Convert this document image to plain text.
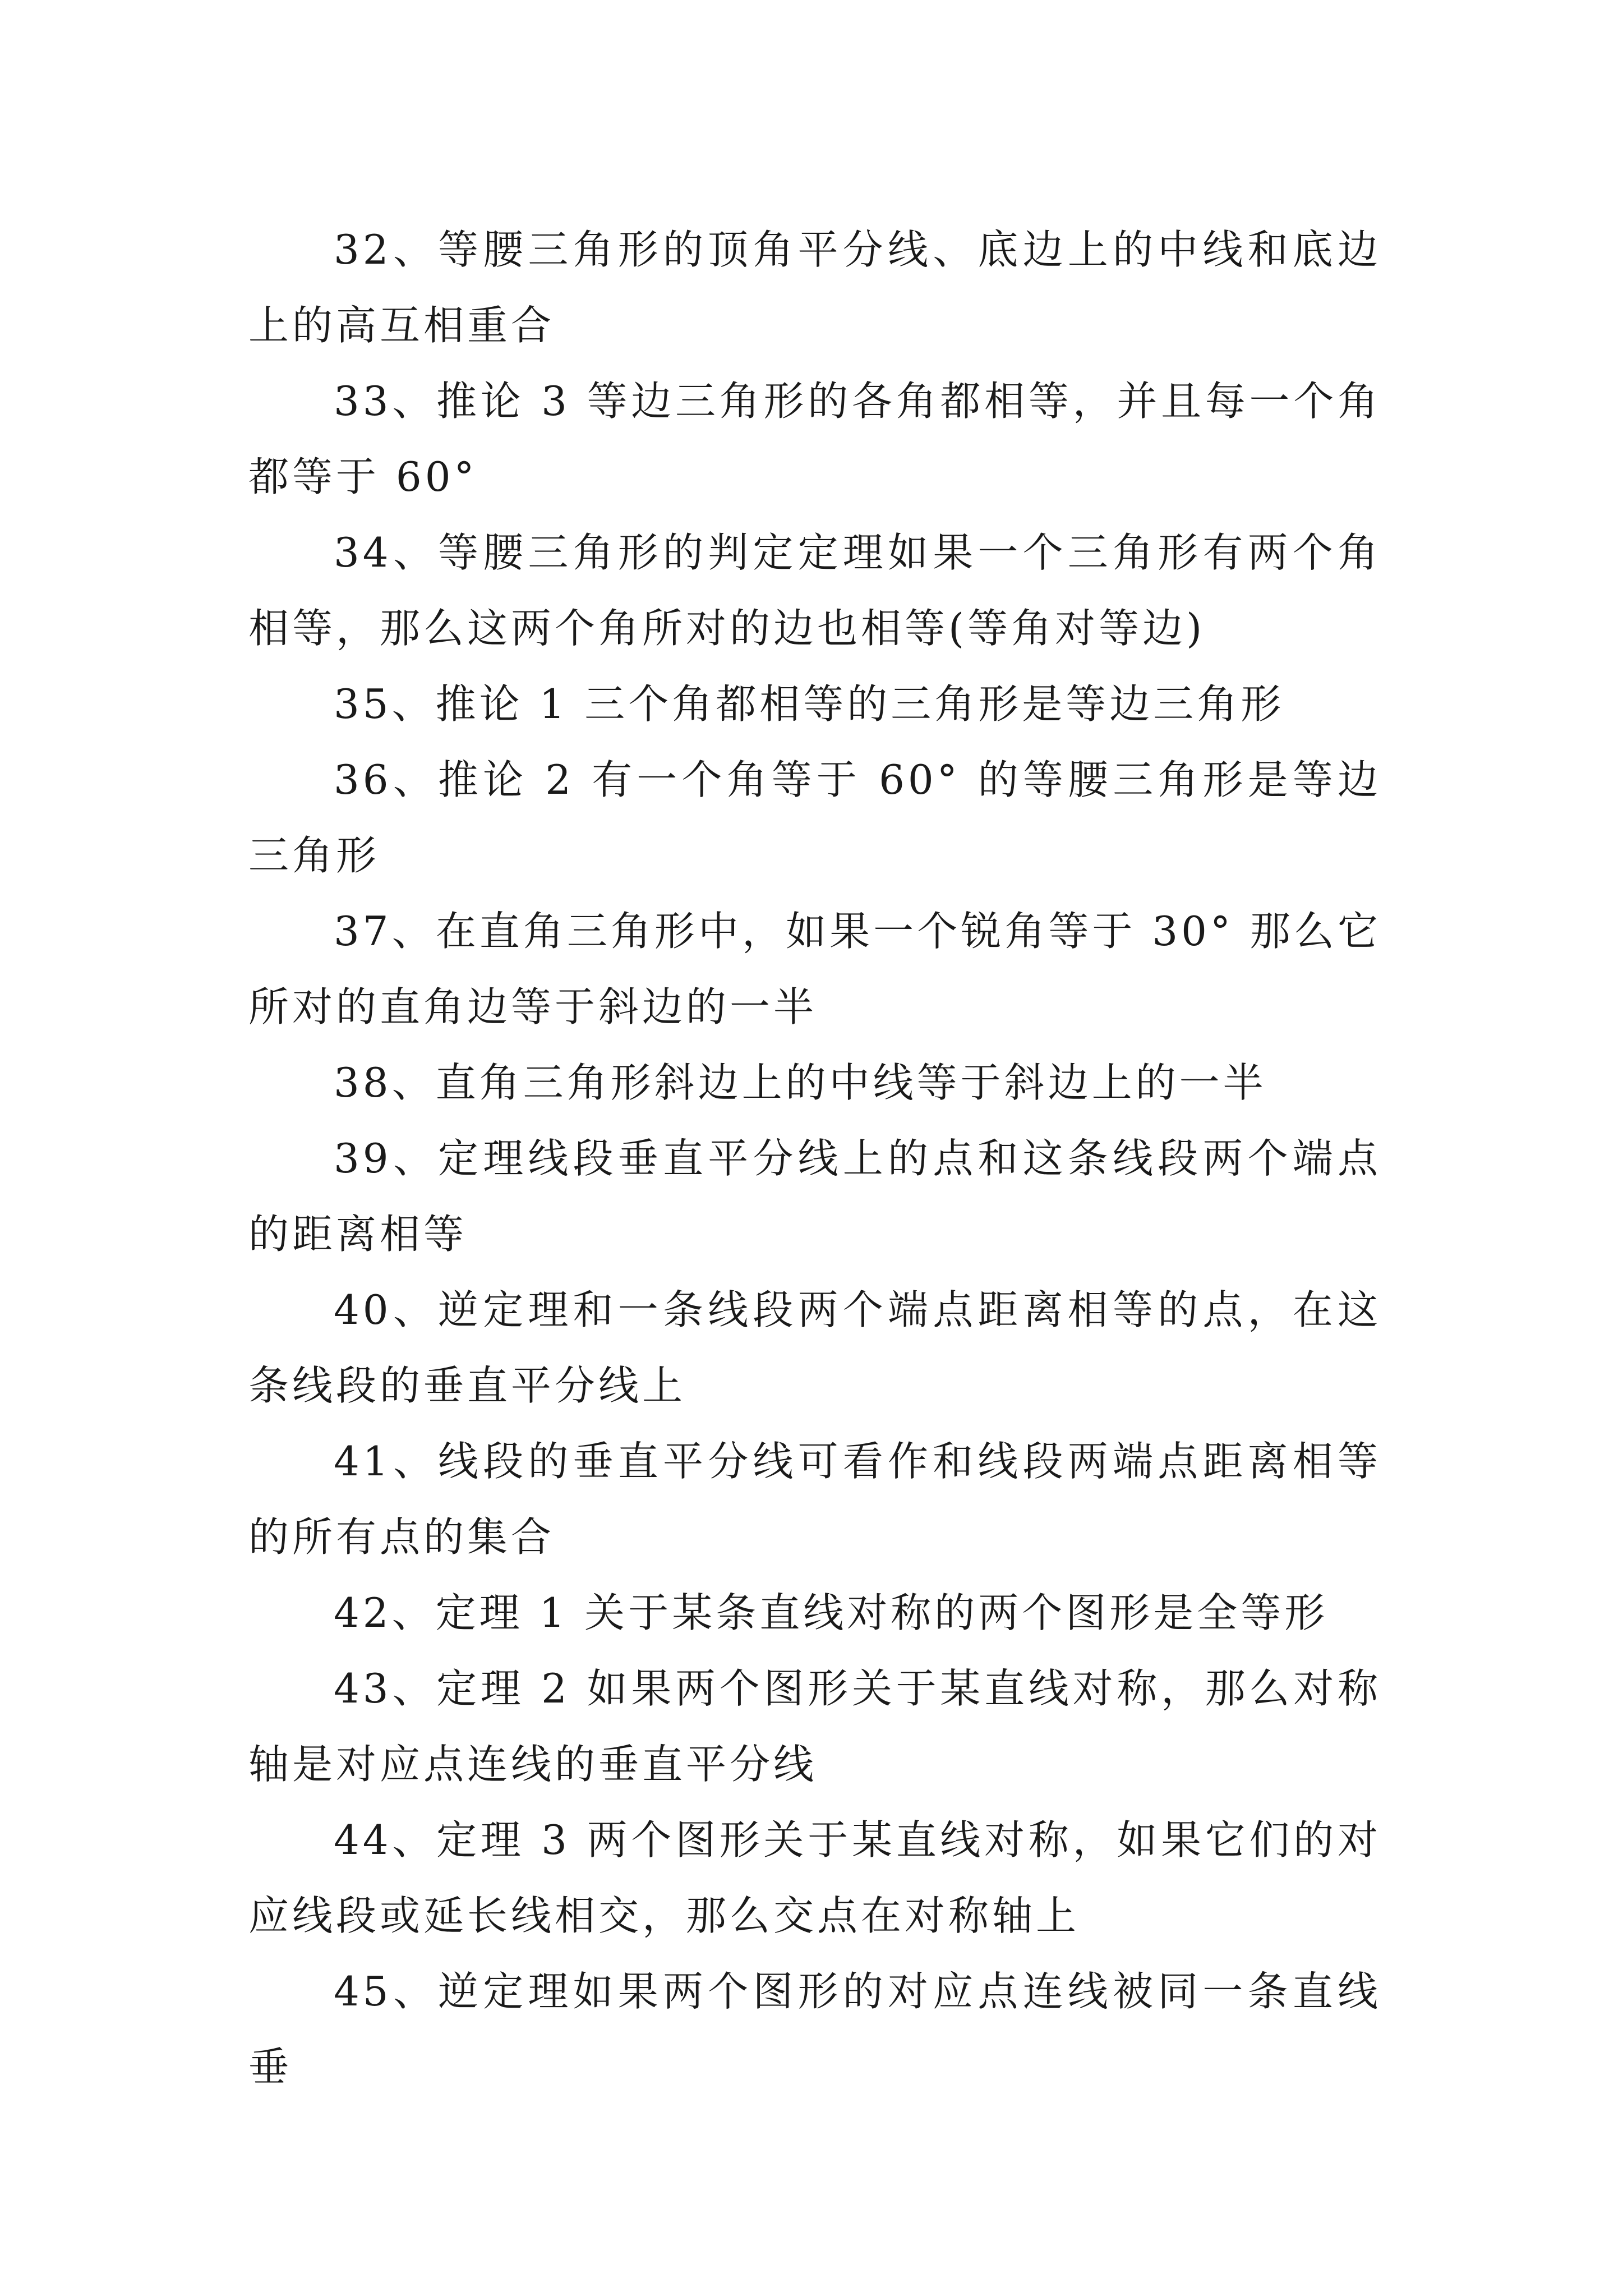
32、等腰三角形的顶角平分线、底边上的中线和底边上的高互相重合

33、推论 3 等边三角形的各角都相等，并且每一个角都等于 60°

34、等腰三角形的判定定理如果一个三角形有两个角相等，那么这两个角所对的边也相等(等角对等边)

35、推论 1 三个角都相等的三角形是等边三角形

36、推论 2 有一个角等于 60° 的等腰三角形是等边三角形

37、在直角三角形中，如果一个锐角等于 30° 那么它所对的直角边等于斜边的一半

38、直角三角形斜边上的中线等于斜边上的一半

39、定理线段垂直平分线上的点和这条线段两个端点的距离相等

40、逆定理和一条线段两个端点距离相等的点，在这条线段的垂直平分线上

41、线段的垂直平分线可看作和线段两端点距离相等的所有点的集合

42、定理 1 关于某条直线对称的两个图形是全等形

43、定理 2 如果两个图形关于某直线对称，那么对称轴是对应点连线的垂直平分线

44、定理 3 两个图形关于某直线对称，如果它们的对应线段或延长线相交，那么交点在对称轴上

45、逆定理如果两个图形的对应点连线被同一条直线垂
